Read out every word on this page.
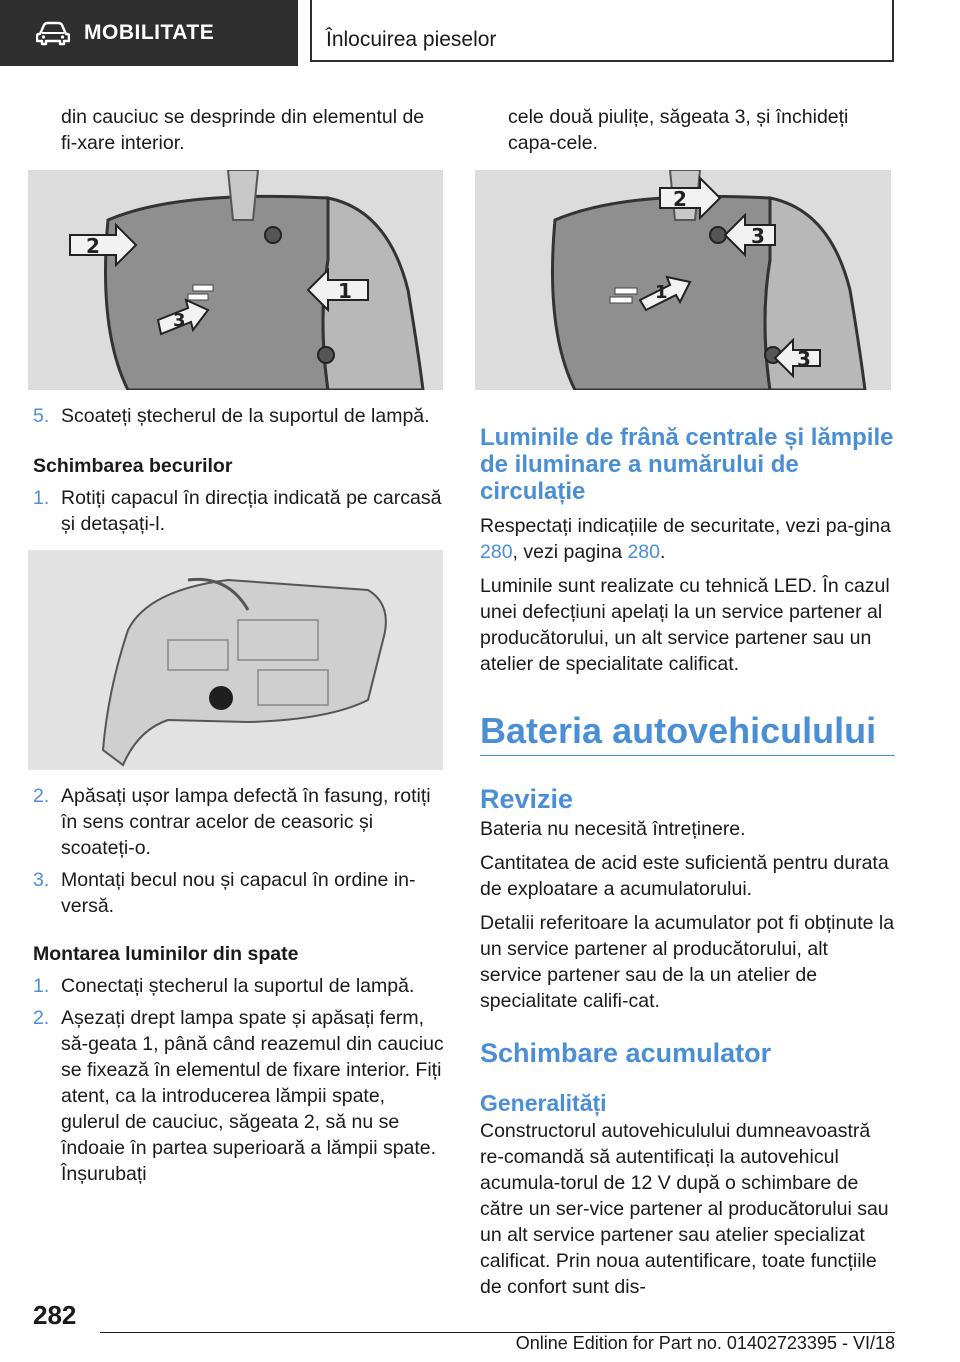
MOBILITATE	Înlocuirea pieselor

din cauciuc se desprinde din elementul de fi-xare interior.

2
1
3
5. Scoateți ștecherul de la suportul de lampă.

Schimbarea becurilor

1. Rotiți capacul în direcția indicată pe carcasă și detașați-l.
2. Apăsați ușor lampa defectă în fasung, rotiți în sens contrar acelor de ceasoric și scoateți-o.
3. Montați becul nou și capacul în ordine in-versă.

Montarea luminilor din spate

1. Conectați ștecherul la suportul de lampă.
2. Așezați drept lampa spate și apăsați ferm, să-geata 1, până când reazemul din cauciuc se fixează în elementul de fixare interior. Fiți atent, ca la introducerea lămpii spate, gulerul de cauciuc, săgeata 2, să nu se îndoaie în partea superioară a lămpii spate. Înșurubați

cele două piulițe, săgeata 3, și închideți capa-cele.

2
3
3
1

Luminile de frână centrale și lămpile de iluminare a numărului de circulație

Respectați indicațiile de securitate, vezi pa-gina 280, vezi pagina 280.

Luminile sunt realizate cu tehnică LED. În cazul unei defecțiuni apelați la un service partener al producătorului, un alt service partener sau un atelier de specialitate calificat.

Bateria autovehiculului

Revizie

Bateria nu necesită întreținere.

Cantitatea de acid este suficientă pentru durata de exploatare a acumulatorului.

Detalii referitoare la acumulator pot fi obținute la un service partener al producătorului, alt service partener sau de la un atelier de specialitate califi-cat.

Schimbare acumulator

Generalități

Constructorul autovehiculului dumneavoastră re-comandă să autentificați la autovehicul acumula-torul de 12 V după o schimbare de către un ser-vice partener al producătorului sau un alt service partener sau atelier specializat calificat. Prin noua autentificare, toate funcțiile de confort sunt dis-

282
Online Edition for Part no. 01402723395 - VI/18
